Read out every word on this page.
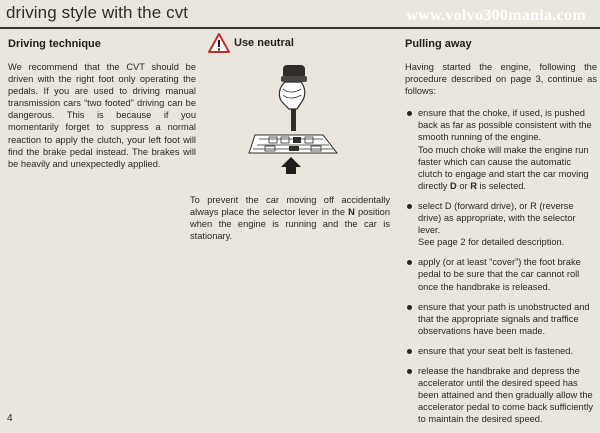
driving style with the cvt	www.volvo300mania.com
Driving technique

We recommend that the CVT should be driven with the right foot only operating the pedals. If you are used to driving manual transmission cars “two footed” driving can be dangerous. This is because if you momentarily forget to suppress a normal reaction to apply the clutch, your left foot will find the brake pedal instead. The brakes will be heavily and unexpectedly applied.

Use neutral

To prevent the car moving off accidentally always place the selector lever in the N position when the engine is running and the car is stationary.

Pulling away

Having started the engine, following the procedure described on page 3, continue as follows:

ensure that the choke, if used, is pushed back as far as possible consistent with the smooth running of the engine.
Too much choke will make the engine run faster which can cause the automatic clutch to engage and start the car moving directly D or R is selected.
select D (forward drive), or R (reverse drive) as appropriate, with the selector lever.
See page 2 for detailed description.
apply (or at least “cover”) the foot brake pedal to be sure that the car cannot roll once the handbrake is released.
ensure that your path is unobstructed and that the appropriate signals and traffice observations have been made.
ensure that your seat belt is fastened.
release the handbrake and depress the accelerator until the desired speed has been attained and then gradually allow the accelerator pedal to come back sufficiently to maintain the desired speed.
4
